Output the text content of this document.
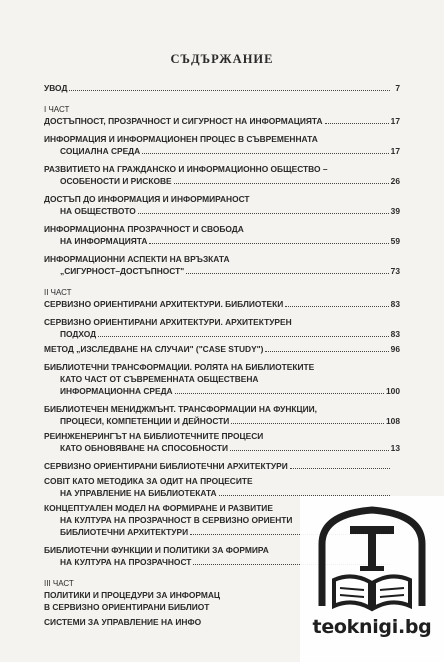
СЪДЪРЖАНИЕ
УВОД	7
I ЧАСТ
ДОСТЪПНОСТ, ПРОЗРАЧНОСТ И СИГУРНОСТ НА ИНФОРМАЦИЯТА	17
ИНФОРМАЦИЯ И ИНФОРМАЦИОНЕН ПРОЦЕС В СЪВРЕМЕННАТА
СОЦИАЛНА СРЕДА	17
РАЗВИТИЕТО НА ГРАЖДАНСКО И ИНФОРМАЦИОННО ОБЩЕСТВО –
ОСОБЕНОСТИ И РИСКОВЕ	26
ДОСТЪП ДО ИНФОРМАЦИЯ И ИНФОРМИРАНОСТ
НА ОБЩЕСТВОТО	39
ИНФОРМАЦИОННА ПРОЗРАЧНОСТ И СВОБОДА
НА ИНФОРМАЦИЯТА	59
ИНФОРМАЦИОННИ АСПЕКТИ НА ВРЪЗКАТА
„СИГУРНОСТ–ДОСТЪПНОСТ"	73
II ЧАСТ
СЕРВИЗНО ОРИЕНТИРАНИ АРХИТЕКТУРИ. БИБЛИОТЕКИ	83
СЕРВИЗНО ОРИЕНТИРАНИ АРХИТЕКТУРИ. АРХИТЕКТУРЕН
ПОДХОД	83
МЕТОД „ИЗСЛЕДВАНЕ НА СЛУЧАИ" ("CASE STUDY")	96
БИБЛИОТЕЧНИ ТРАНСФОРМАЦИИ. РОЛЯТА НА БИБЛИОТЕКИТЕ
КАТО ЧАСТ ОТ СЪВРЕМЕННАТА ОБЩЕСТВЕНА
ИНФОРМАЦИОННА СРЕДА	100
БИБЛИОТЕЧЕН МЕНИДЖМЪНТ. ТРАНСФОРМАЦИИ НА ФУНКЦИИ,
ПРОЦЕСИ, КОМПЕТЕНЦИИ И ДЕЙНОСТИ	108
РЕИНЖЕНЕРИНГЪТ НА БИБЛИОТЕЧНИТЕ ПРОЦЕСИ
КАТО ОБНОВЯВАНЕ НА СПОСОБНОСТИ	13
СЕРВИЗНО ОРИЕНТИРАНИ БИБЛИОТЕЧНИ АРХИТЕКТУРИ
COBIT КАТО МЕТОДИКА ЗА ОДИТ НА ПРОЦЕСИТЕ
НА УПРАВЛЕНИЕ НА БИБЛИОТЕКАТА
КОНЦЕПТУАЛЕН МОДЕЛ НА ФОРМИРАНЕ И РАЗВИТИЕ
НА КУЛТУРА НА ПРОЗРАЧНОСТ В СЕРВИЗНО ОРИЕНТИ
БИБЛИОТЕЧНИ АРХИТЕКТУРИ
БИБЛИОТЕЧНИ ФУНКЦИИ И ПОЛИТИКИ ЗА ФОРМИРА
НА КУЛТУРА НА ПРОЗРАЧНОСТ
III ЧАСТ
ПОЛИТИКИ И ПРОЦЕДУРИ ЗА ИНФОРМАЦ
В СЕРВИЗНО ОРИЕНТИРАНИ БИБЛИОТ
СИСТЕМИ ЗА УПРАВЛЕНИЕ НА ИНФО	teoknigi.bg
